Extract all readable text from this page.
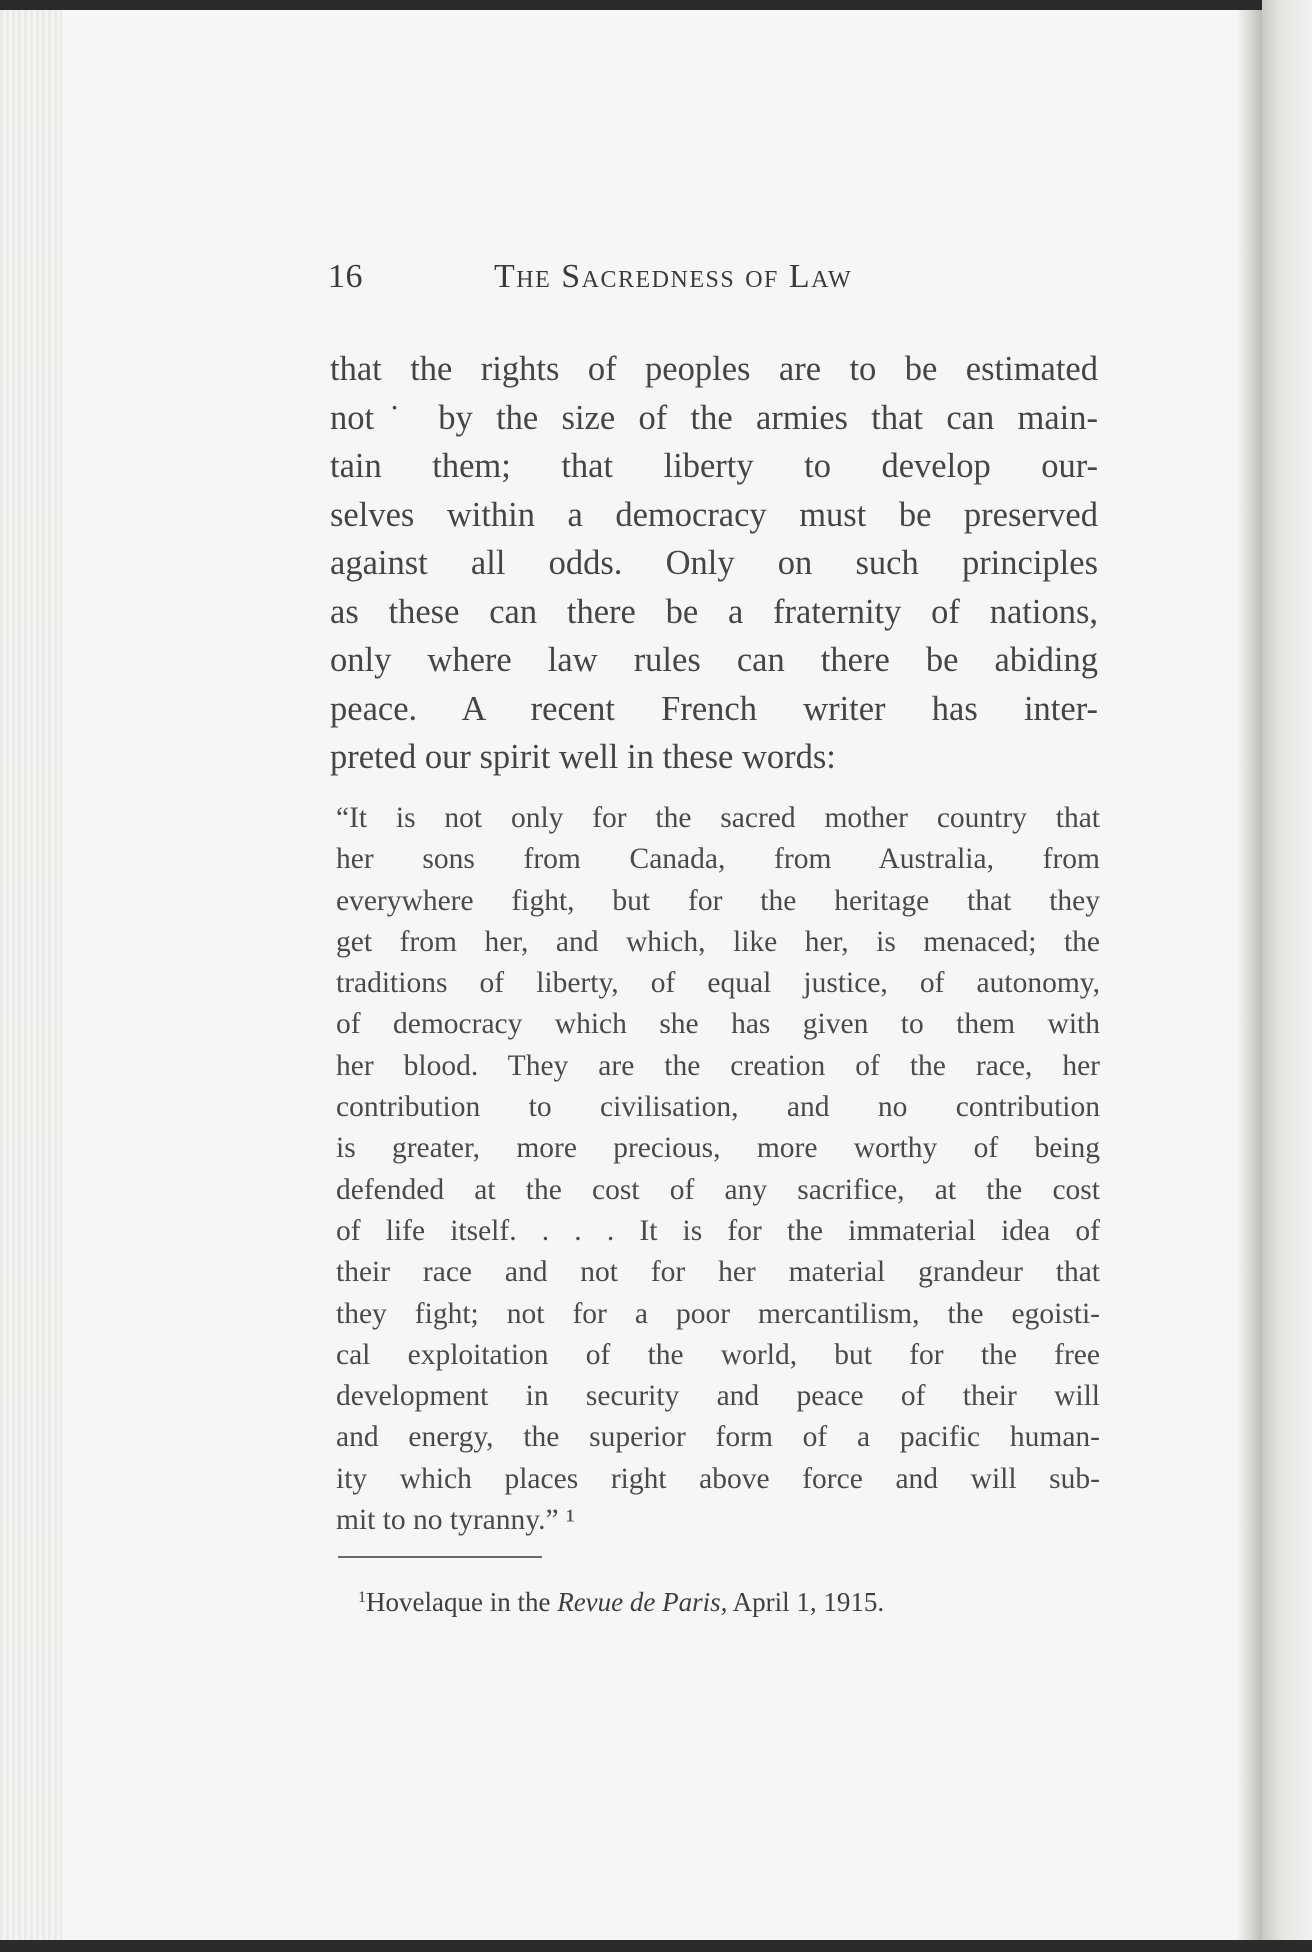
16	The Sacredness of Law
that the rights of peoples are to be estimated
not˙ by the size of the armies that can main-
tain them; that liberty to develop our-
selves within a democracy must be preserved
against all odds. Only on such principles
as these can there be a fraternity of nations,
only where law rules can there be abiding
peace. A recent French writer has inter-
preted our spirit well in these words:
“It is not only for the sacred mother country that
her sons from Canada, from Australia, from
everywhere fight, but for the heritage that they
get from her, and which, like her, is menaced; the
traditions of liberty, of equal justice, of autonomy,
of democracy which she has given to them with
her blood. They are the creation of the race, her
contribution to civilisation, and no contribution
is greater, more precious, more worthy of being
defended at the cost of any sacrifice, at the cost
of life itself. . . . It is for the immaterial idea of
their race and not for her material grandeur that
they fight; not for a poor mercantilism, the egoisti-
cal exploitation of the world, but for the free
development in security and peace of their will
and energy, the superior form of a pacific human-
ity which places right above force and will sub-
mit to no tyranny.” ¹
$^1$Hovelaque in the Revue de Paris, April 1, 1915.
